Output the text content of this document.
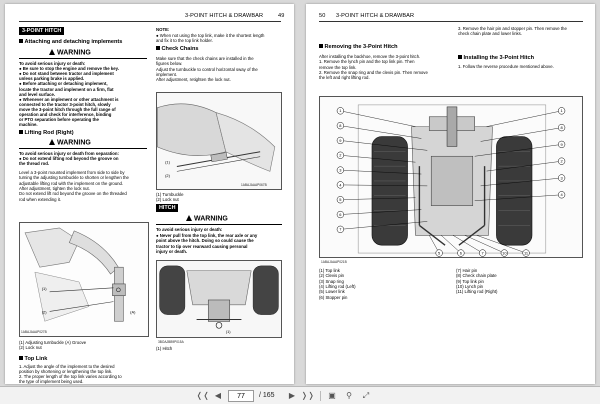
3-POINT HITCH & DRAWBAR	49
3-POINT HITCH
Attaching and detaching implements
WARNING
To avoid serious injury or death:
● Be sure to stop the engine and remove the key.
● Do not stand between tractor and implement
unless parking brake is applied.
● Before attaching or detaching implement,
locate the tractor and implement on a firm, flat
and level surface.
● Whenever an implement or other attachment is
connected to the tractor 3-point hitch, slowly
move the 3-point hitch through the full range of
operation and check for interference, binding
or PTO separation before operating the
machine.
Lifting Rod (Right)
WARNING
To avoid serious injury or death from separation:
● Do not extend lifting rod beyond the groove on
the thread rod.
Level a 3-point mounted implement from side to side by
turning the adjusting turnbuckle to shorten or lengthen the
adjustable lifting rod with the implement on the ground.
After adjustment, tighten the lock nut.
Do not extend lift rod beyond the groove on the threaded
rod when extending it.
(1)
(2)	(A)
1ABAJAAAP027B
(1) Adjusting turnbuckle (A) Groove
(2) Lock nut
Top Link
1. Adjust the angle of the implement to the desired
position by shortening or lengthening the top link.
2. The proper length of the top link varies according to
the type of implement being used.
NOTE:
● When not using the top link, make it the shortest length
and fix it to the top link holder.
Check Chains
Make sure that the check chains are installed in the
figures below.
Adjust the turnbuckle to control horizontal sway of the
implement.
After adjustment, retighten the lock nut.
(1)
(2)
1ABAJAAAP067B
(1) Turnbuckle
(2) Lock nut
HITCH
WARNING
To avoid serious injury or death:
● Never pull from the top link, the rear axle or any
point above the hitch. Doing so could cause the
tractor to tip over rearward causing personal
injury or death.
(1)
3BOAJBB9P015A
(1) Hitch
50 3-POINT HITCH & DRAWBAR
Removing the 3-Point Hitch
After installing the backhoe, remove the 3-point hitch.
1. Remove the lynch pin and the top link pin. Then
remove the top link.
2. Remove the snap ring and the clevis pin. Then remove
the left and right lifting rod.
3. Remove the hair pin and stopper pin. Then remove the
check chain plate and lower links.
Installing the 3-Point Hitch
1. Follow the reverse procedure mentioned above.
1
8
9
2
3
4
5
6
7
1
8
9
2
3
4
5	6	7	10	11
1ABAJAAAP021B
(1) Top link
(2) Clevis pin
(3) Snap ring
(4) Lifting rod (Left)
(5) Lower link
(6) Stopper pin
(7) Hair pin
(8) Check chain plate
(9) Top link pin
(10) Lynch pin
(11) Lifting rod (Right)
❬❬ ◀
77	/ 165	▶ ❭❭ ▣	⚲	⤢
